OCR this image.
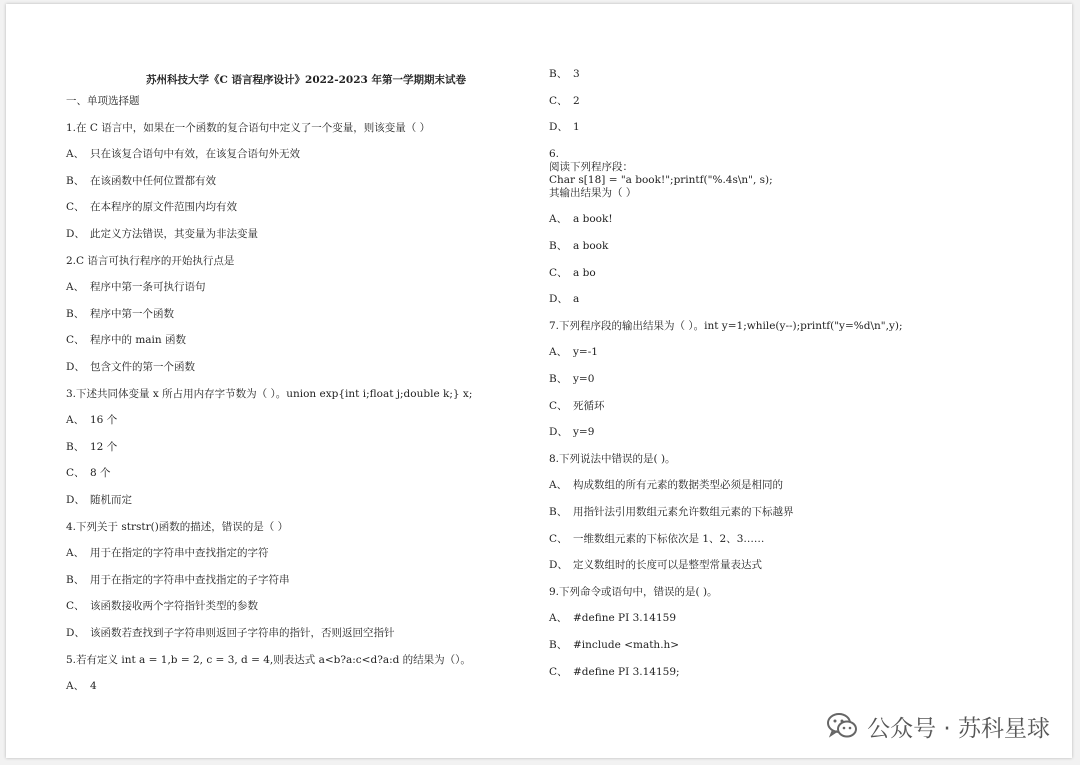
苏州科技大学《C 语言程序设计》2022-2023 年第一学期期末试卷
一、单项选择题
1.在 C 语言中，如果在一个函数的复合语句中定义了一个变量，则该变量（ ）
A、 只在该复合语句中有效，在该复合语句外无效
B、 在该函数中任何位置都有效
C、 在本程序的原文件范围内均有效
D、 此定义方法错误，其变量为非法变量
2.C 语言可执行程序的开始执行点是
A、 程序中第一条可执行语句
B、 程序中第一个函数
C、 程序中的 main 函数
D、 包含文件的第一个函数
3.下述共同体变量 x 所占用内存字节数为（ ）。union exp{int i;float j;double k;} x;
A、 16 个
B、 12 个
C、 8 个
D、 随机而定
4.下列关于 strstr()函数的描述，错误的是（ ）
A、 用于在指定的字符串中查找指定的字符
B、 用于在指定的字符串中查找指定的子字符串
C、 该函数接收两个字符指针类型的参数
D、 该函数若查找到子字符串则返回子字符串的指针，否则返回空指针
5.若有定义 int a = 1,b = 2, c = 3, d = 4,则表达式 a<b?a:c<d?a:d 的结果为（）。
A、 4
B、 3
C、 2
D、 1
6.
阅读下列程序段：
Char s[18] = "a book!";printf("%.4s\n", s);
其输出结果为（ ）
A、 a book!
B、 a book
C、 a bo
D、 a
7.下列程序段的输出结果为（ ）。int y=1;while(y--);printf("y=%d\n",y);
A、 y=-1
B、 y=0
C、 死循环
D、 y=9
8.下列说法中错误的是( )。
A、 构成数组的所有元素的数据类型必须是相同的
B、 用指针法引用数组元素允许数组元素的下标越界
C、 一维数组元素的下标依次是 1、2、3……
D、 定义数组时的长度可以是整型常量表达式
9.下列命令或语句中，错误的是( )。
A、 #define PI 3.14159
B、 #include <math.h>
C、 #define PI 3.14159;
公众号 · 苏科星球
